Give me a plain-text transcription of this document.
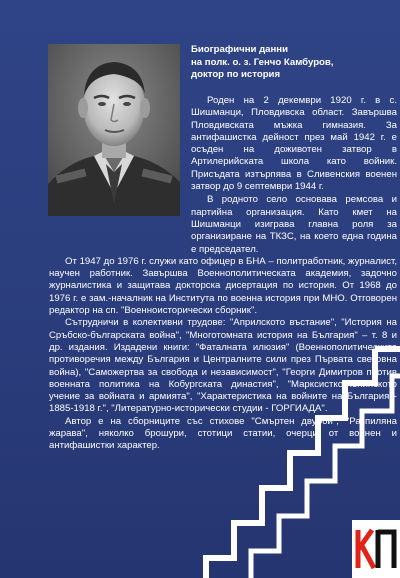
Биографични данни
на полк. о. з. Генчо Камбуров,
доктор по история

Роден на 2 декември 1920 г. в с. Шишманци, Пловдивска област. Завършва Пловдивската мъжка гимназия. За антифашистка дейност през май 1942 г. е осъден на доживотен затвор в Артилерийската школа като войник. Присъдата изтърпява в Сливенския военен затвор до 9 септември 1944 г.

В родното село основава ремсова и партийна организация. Като кмет на Шишманци изиграва главна роля за организиране на ТКЗС, на което една година е председател.

От 1947 до 1976 г. служи като офицер в БНА – политработник, журналист, научен работник. Завършва Военнополитическата академия, задочно журналистика и защитава докторска дисертация по история. От 1968 до 1976 г. е зам.-началник на Института по военна история при МНО. Отговорен редактор на сп. "Военноисторически сборник".

Сътрудничи в колективни трудове: "Априлското въстание", "История на Сръбско-българската война", "Многотомната история на България" – т. 8 и др. издания. Издадени книги: "Фаталната илюзия" (Военнополитическите противоречия между България и Централните сили през Първата световна война), "Саможертва за свобода и независимост", "Георги Димитров против военната политика на Кобургската династия", "Марксистко-ленинското учение за войната и армията", "Характеристика на войните на България - 1885-1918 г.", "Литературно-исторически студии - ГОРГИАДА".

Автор е на сборниците със стихове "Смъртен двубой", "Разпиляна жарава", няколко брошури, стотици статии, очерци от военен и антифашистки характер.
